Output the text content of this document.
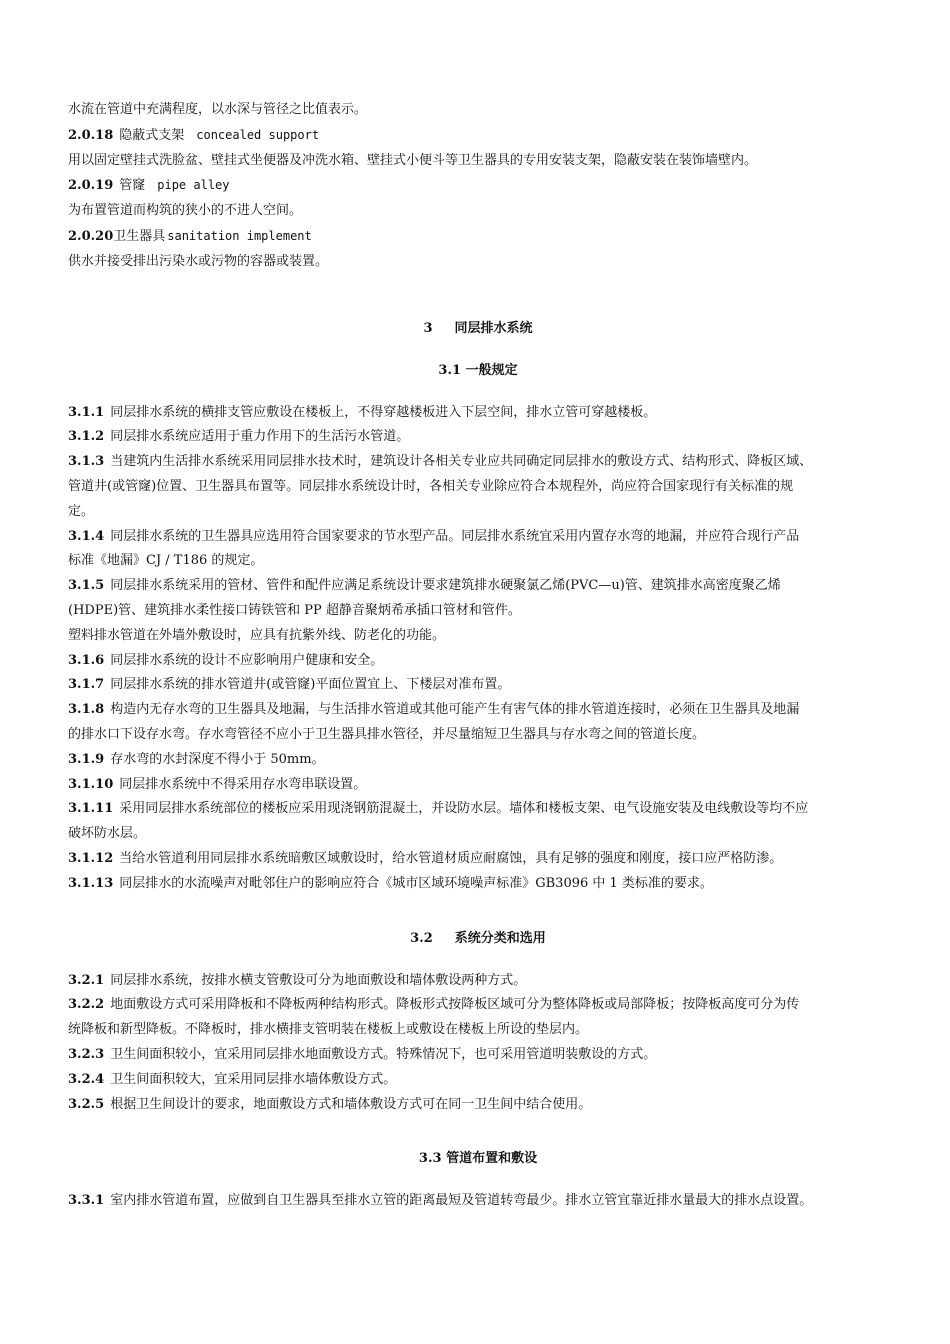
水流在管道中充满程度，以水深与管径之比值表示。
2.0.18 隐蔽式支架 concealed support
用以固定壁挂式洗脸盆、壁挂式坐便器及冲洗水箱、壁挂式小便斗等卫生器具的专用安装支架，隐蔽安装在装饰墙壁内。
2.0.19 管窿 pipe alley
为布置管道而构筑的狭小的不进人空间。
2.0.20卫生器具 sanitation implement
供水并接受排出污染水或污物的容器或装置。
3 同层排水系统
3.1 一般规定
3.1.1 同层排水系统的横排支管应敷设在楼板上，不得穿越楼板进入下层空间，排水立管可穿越楼板。
3.1.2 同层排水系统应适用于重力作用下的生活污水管道。
3.1.3 当建筑内生活排水系统采用同层排水技术时，建筑设计各相关专业应共同确定同层排水的敷设方式、结构形式、降板区域、
管道井(或管窿)位置、卫生器具布置等。同层排水系统设计时，各相关专业除应符合本规程外，尚应符合国家现行有关标准的规
定。
3.1.4 同层排水系统的卫生器具应选用符合国家要求的节水型产品。同层排水系统宜采用内置存水弯的地漏，并应符合现行产品
标准《地漏》CJ / T186 的规定。
3.1.5 同层排水系统采用的管材、管件和配件应满足系统设计要求建筑排水硬聚氯乙烯(PVC—u)管、建筑排水高密度聚乙烯
(HDPE)管、建筑排水柔性接口铸铁管和 PP 超静音聚炳希承插口管材和管件。
塑料排水管道在外墙外敷设时，应具有抗紫外线、防老化的功能。
3.1.6 同层排水系统的设计不应影响用户健康和安全。
3.1.7 同层排水系统的排水管道井(或管窿)平面位置宜上、下楼层对准布置。
3.1.8 构造内无存水弯的卫生器具及地漏，与生活排水管道或其他可能产生有害气体的排水管道连接时，必须在卫生器具及地漏
的排水口下设存水弯。存水弯管径不应小于卫生器具排水管径，并尽量缩短卫生器具与存水弯之间的管道长度。
3.1.9 存水弯的水封深度不得小于 50mm。
3.1.10 同层排水系统中不得采用存水弯串联设置。
3.1.11 采用同层排水系统部位的楼板应采用现浇钢筋混凝土，并设防水层。墙体和楼板支架、电气设施安装及电线敷设等均不应
破坏防水层。
3.1.12 当给水管道利用同层排水系统暗敷区域敷设时，给水管道材质应耐腐蚀，具有足够的强度和刚度，接口应严格防渗。
3.1.13 同层排水的水流噪声对毗邻住户的影响应符合《城市区域环境噪声标准》GB3096 中 1 类标准的要求。
3.2 系统分类和选用
3.2.1 同层排水系统，按排水横支管敷设可分为地面敷设和墙体敷设两种方式。
3.2.2 地面敷设方式可采用降板和不降板两种结构形式。降板形式按降板区域可分为整体降板或局部降板；按降板高度可分为传
统降板和新型降板。不降板时，排水横排支管明装在楼板上或敷设在楼板上所设的垫层内。
3.2.3 卫生间面积较小，宜采用同层排水地面敷设方式。特殊情况下，也可采用管道明装敷设的方式。
3.2.4 卫生间面积较大，宜采用同层排水墙体敷设方式。
3.2.5 根据卫生间设计的要求，地面敷设方式和墙体敷设方式可在同一卫生间中结合使用。
3.3 管道布置和敷设
3.3.1 室内排水管道布置，应做到自卫生器具至排水立管的距离最短及管道转弯最少。排水立管宜靠近排水量最大的排水点设置。
